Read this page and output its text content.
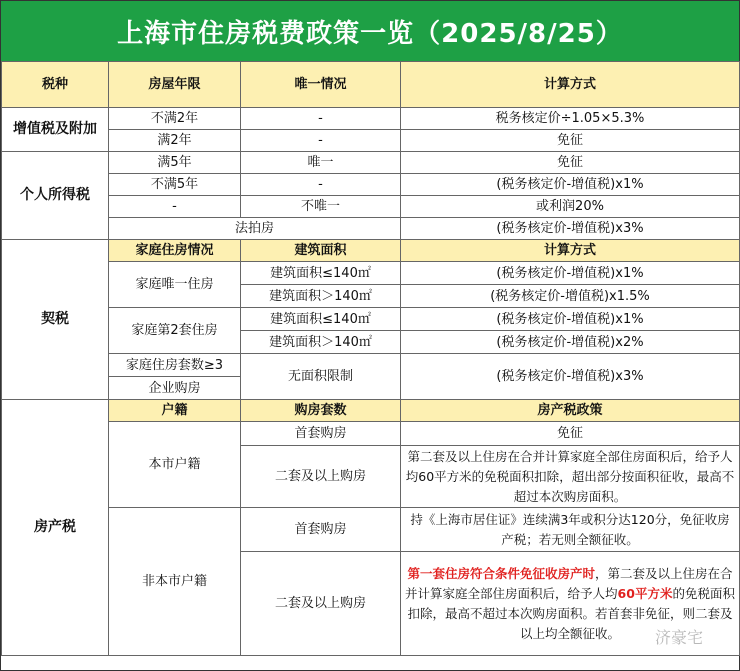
上海市住房税费政策一览（2025/8/25）
税种	房屋年限	唯一情况	计算方式
增值税及附加	不满2年	-	税务核定价÷1.05×5.3%
	满2年	-	免征
个人所得税	满5年	唯一	免征
	不满5年	-	(税务核定价-增值税)x1%
	-	不唯一	或利润20%
	法拍房		(税务核定价-增值税)x3%
契税	家庭住房情况	建筑面积	计算方式
	家庭唯一住房	建筑面积≤140㎡	(税务核定价-增值税)x1%
		建筑面积＞140㎡	(税务核定价-增值税)x1.5%
	家庭第2套住房	建筑面积≤140㎡	(税务核定价-增值税)x1%
		建筑面积＞140㎡	(税务核定价-增值税)x2%
	家庭住房套数≥3	无面积限制	(税务核定价-增值税)x3%
	企业购房		
房产税	户籍	购房套数	房产税政策
	本市户籍	首套购房	免征
		二套及以上购房	第二套及以上住房在合并计算家庭全部住房面积后，给予人均60平方米的免税面积扣除，超出部分按面积征收，最高不超过本次购房面积。
	非本市户籍	首套购房	持《上海市居住证》连续满3年或积分达120分，免征收房产税；若无则全额征收。
		二套及以上购房	第一套住房符合条件免征收房产时，第二套及以上住房在合并计算家庭全部住房面积后，给予人均60平方米的免税面积扣除，最高不超过本次购房面积。若首套非免征，则二套及以上均全额征收。 济豪宅
